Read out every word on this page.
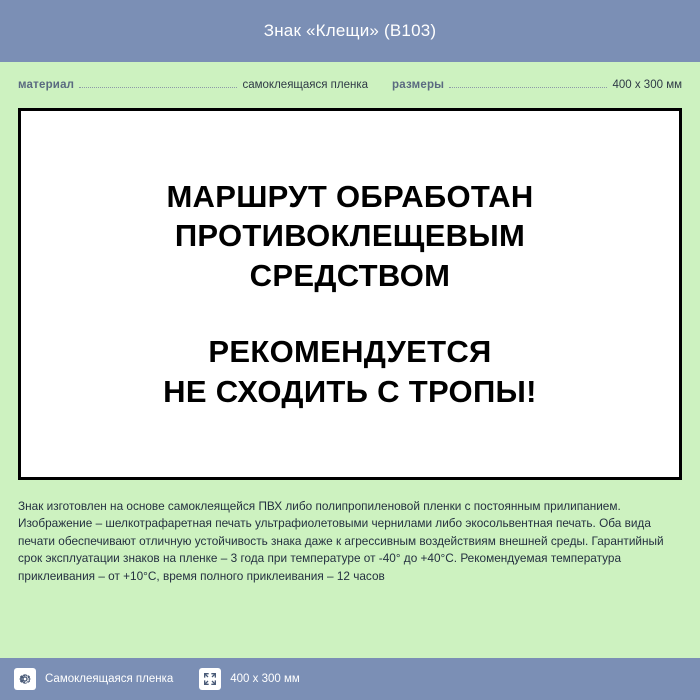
Знак «Клещи» (B103)
материал	самоклеящаяся пленка размеры	400 x 300 мм
МАРШРУТ ОБРАБОТАН
ПРОТИВОКЛЕЩЕВЫМ
СРЕДСТВОМ
РЕКОМЕНДУЕТСЯ
НЕ СХОДИТЬ С ТРОПЫ!
Знак изготовлен на основе самоклеящейся ПВХ либо полипропиленовой пленки с постоянным прилипанием. Изображение – шелкотрафаретная печать ультрафиолетовыми чернилами либо экосольвентная печать. Оба вида печати обеспечивают отличную устойчивость знака даже к агрессивным воздействиям внешней среды. Гарантийный срок эксплуатации знаков на пленке – 3 года при температуре от -40° до +40°C. Рекомендуемая температура приклеивания – от +10°C, время полного приклеивания – 12 часов
Самоклеящаяся пленка	400 x 300 мм
